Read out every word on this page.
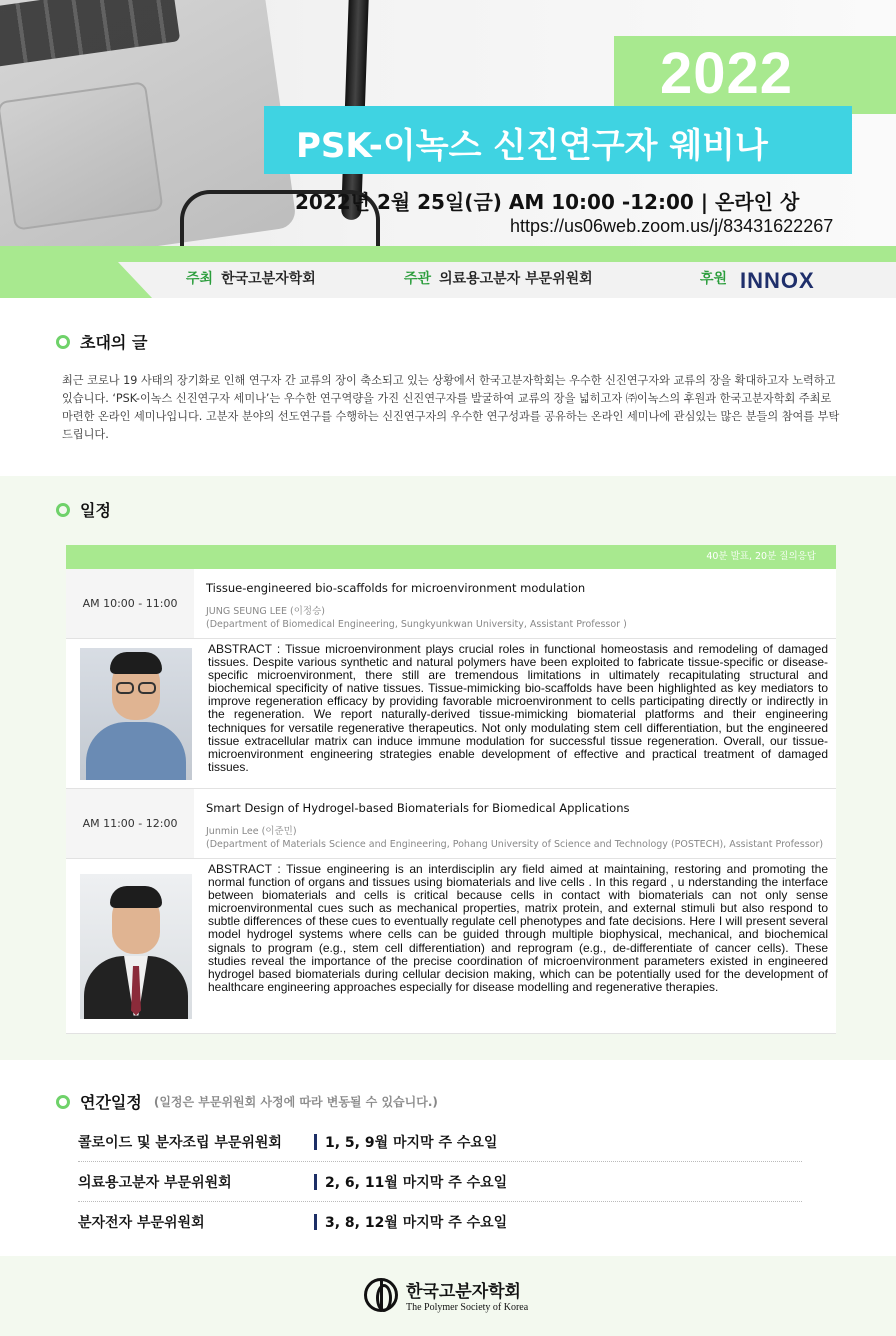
2022
PSK-이녹스 신진연구자 웨비나
2022년 2월 25일(금) AM 10:00 -12:00 | 온라인 상
https://us06web.zoom.us/j/83431622267
주최 한국고분자학회	주관 의료용고분자 부문위원회	후원 INNOX
초대의 글
최근 코로나 19 사태의 장기화로 인해 연구자 간 교류의 장이 축소되고 있는 상황에서 한국고분자학회는 우수한 신진연구자와 교류의 장을 확대하고자 노력하고 있습니다. ‘PSK-이녹스 신진연구자 세미나’는 우수한 연구역량을 가진 신진연구자를 발굴하여 교류의 장을 넓히고자 ㈜이녹스의 후원과 한국고분자학회 주최로 마련한 온라인 세미나입니다. 고분자 분야의 선도연구를 수행하는 신진연구자의 우수한 연구성과를 공유하는 온라인 세미나에 관심있는 많은 분들의 참여를 부탁드립니다.
일정
40분 발표, 20분 질의응답
AM 10:00 - 11:00
Tissue-engineered bio-scaffolds for microenvironment modulation
JUNG SEUNG LEE (이정승)
(Department of Biomedical Engineering, Sungkyunkwan University, Assistant Professor )
ABSTRACT : Tissue microenvironment plays crucial roles in functional homeostasis and remodeling of damaged tissues. Despite various synthetic and natural polymers have been exploited to fabricate tissue-specific or disease-specific microenvironment, there still are tremendous limitations in ultimately recapitulating structural and biochemical specificity of native tissues. Tissue-mimicking bio-scaffolds have been highlighted as key mediators to improve regeneration efficacy by providing favorable microenvironment to cells participating directly or indirectly in the regeneration. We report naturally-derived tissue-mimicking biomaterial platforms and their engineering techniques for versatile regenerative therapeutics. Not only modulating stem cell differentiation, but the engineered tissue extracellular matrix can induce immune modulation for successful tissue regeneration. Overall, our tissue-microenvironment engineering strategies enable development of effective and practical treatment of damaged tissues.
AM 11:00 - 12:00
Smart Design of Hydrogel-based Biomaterials for Biomedical Applications
Junmin Lee (이준민)
(Department of Materials Science and Engineering, Pohang University of Science and Technology (POSTECH), Assistant Professor)
ABSTRACT : Tissue engineering is an interdisciplin ary field aimed at maintaining, restoring and promoting the normal function of organs and tissues using biomaterials and live cells . In this regard , u nderstanding the interface between biomaterials and cells is critical because cells in contact with biomaterials can not only sense microenvironmental cues such as mechanical properties, matrix protein, and external stimuli but also respond to subtle differences of these cues to eventually regulate cell phenotypes and fate decisions. Here I will present several model hydrogel systems where cells can be guided through multiple biophysical, mechanical, and biochemical signals to program (e.g., stem cell differentiation) and reprogram (e.g., de-differentiate of cancer cells). These studies reveal the importance of the precise coordination of microenvironment parameters existed in engineered hydrogel based biomaterials during cellular decision making, which can be potentially used for the development of healthcare engineering approaches especially for disease modelling and regenerative therapies.
연간일정 (일정은 부문위원회 사정에 따라 변동될 수 있습니다.)
콜로이드 및 분자조립 부문위원회	1, 5, 9월 마지막 주 수요일
의료용고분자 부문위원회	2, 6, 11월 마지막 주 수요일
분자전자 부문위원회	3, 8, 12월 마지막 주 수요일
한국고분자학회
The Polymer Society of Korea
